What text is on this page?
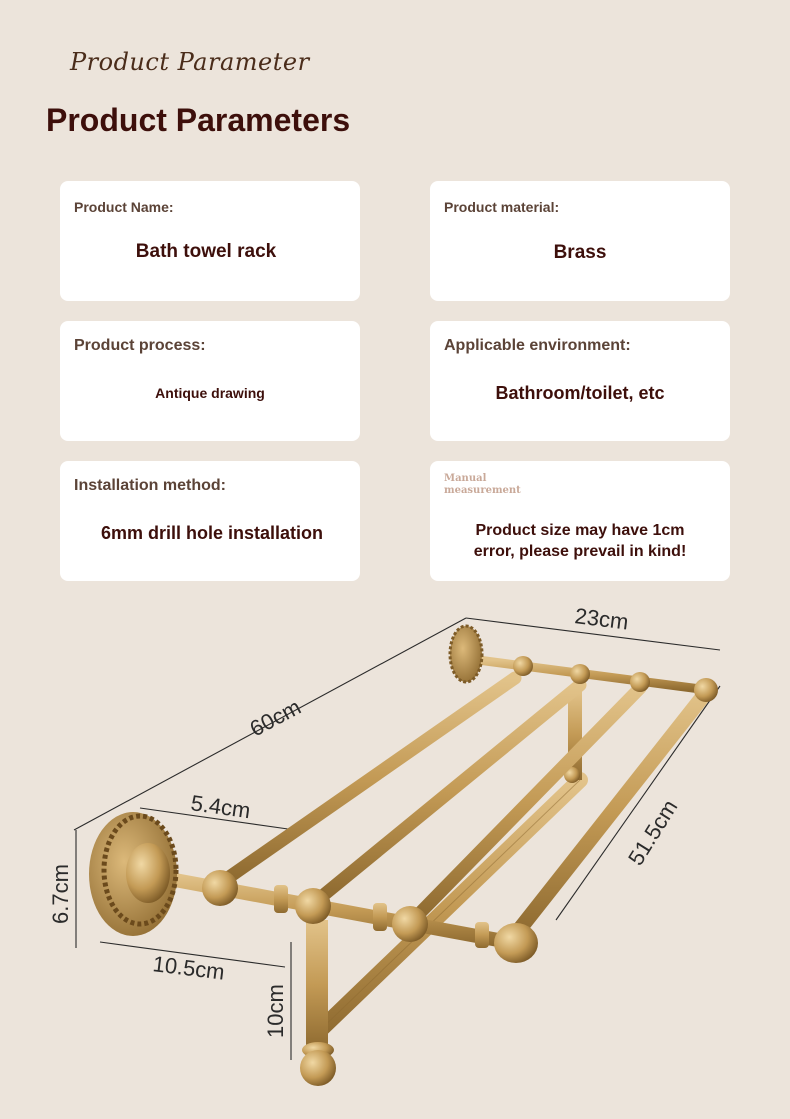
Product Parameter
Product Parameters
Product Name:
Bath towel rack
Product material:
Brass
Product process:
Antique drawing
Applicable environment:
Bathroom/toilet, etc
Installation method:
6mm drill hole installation
Manual
measurement
Product size may have 1cm
error, please prevail in kind!
60cm
23cm
5.4cm
6.7cm
10.5cm
51.5cm
10cm
